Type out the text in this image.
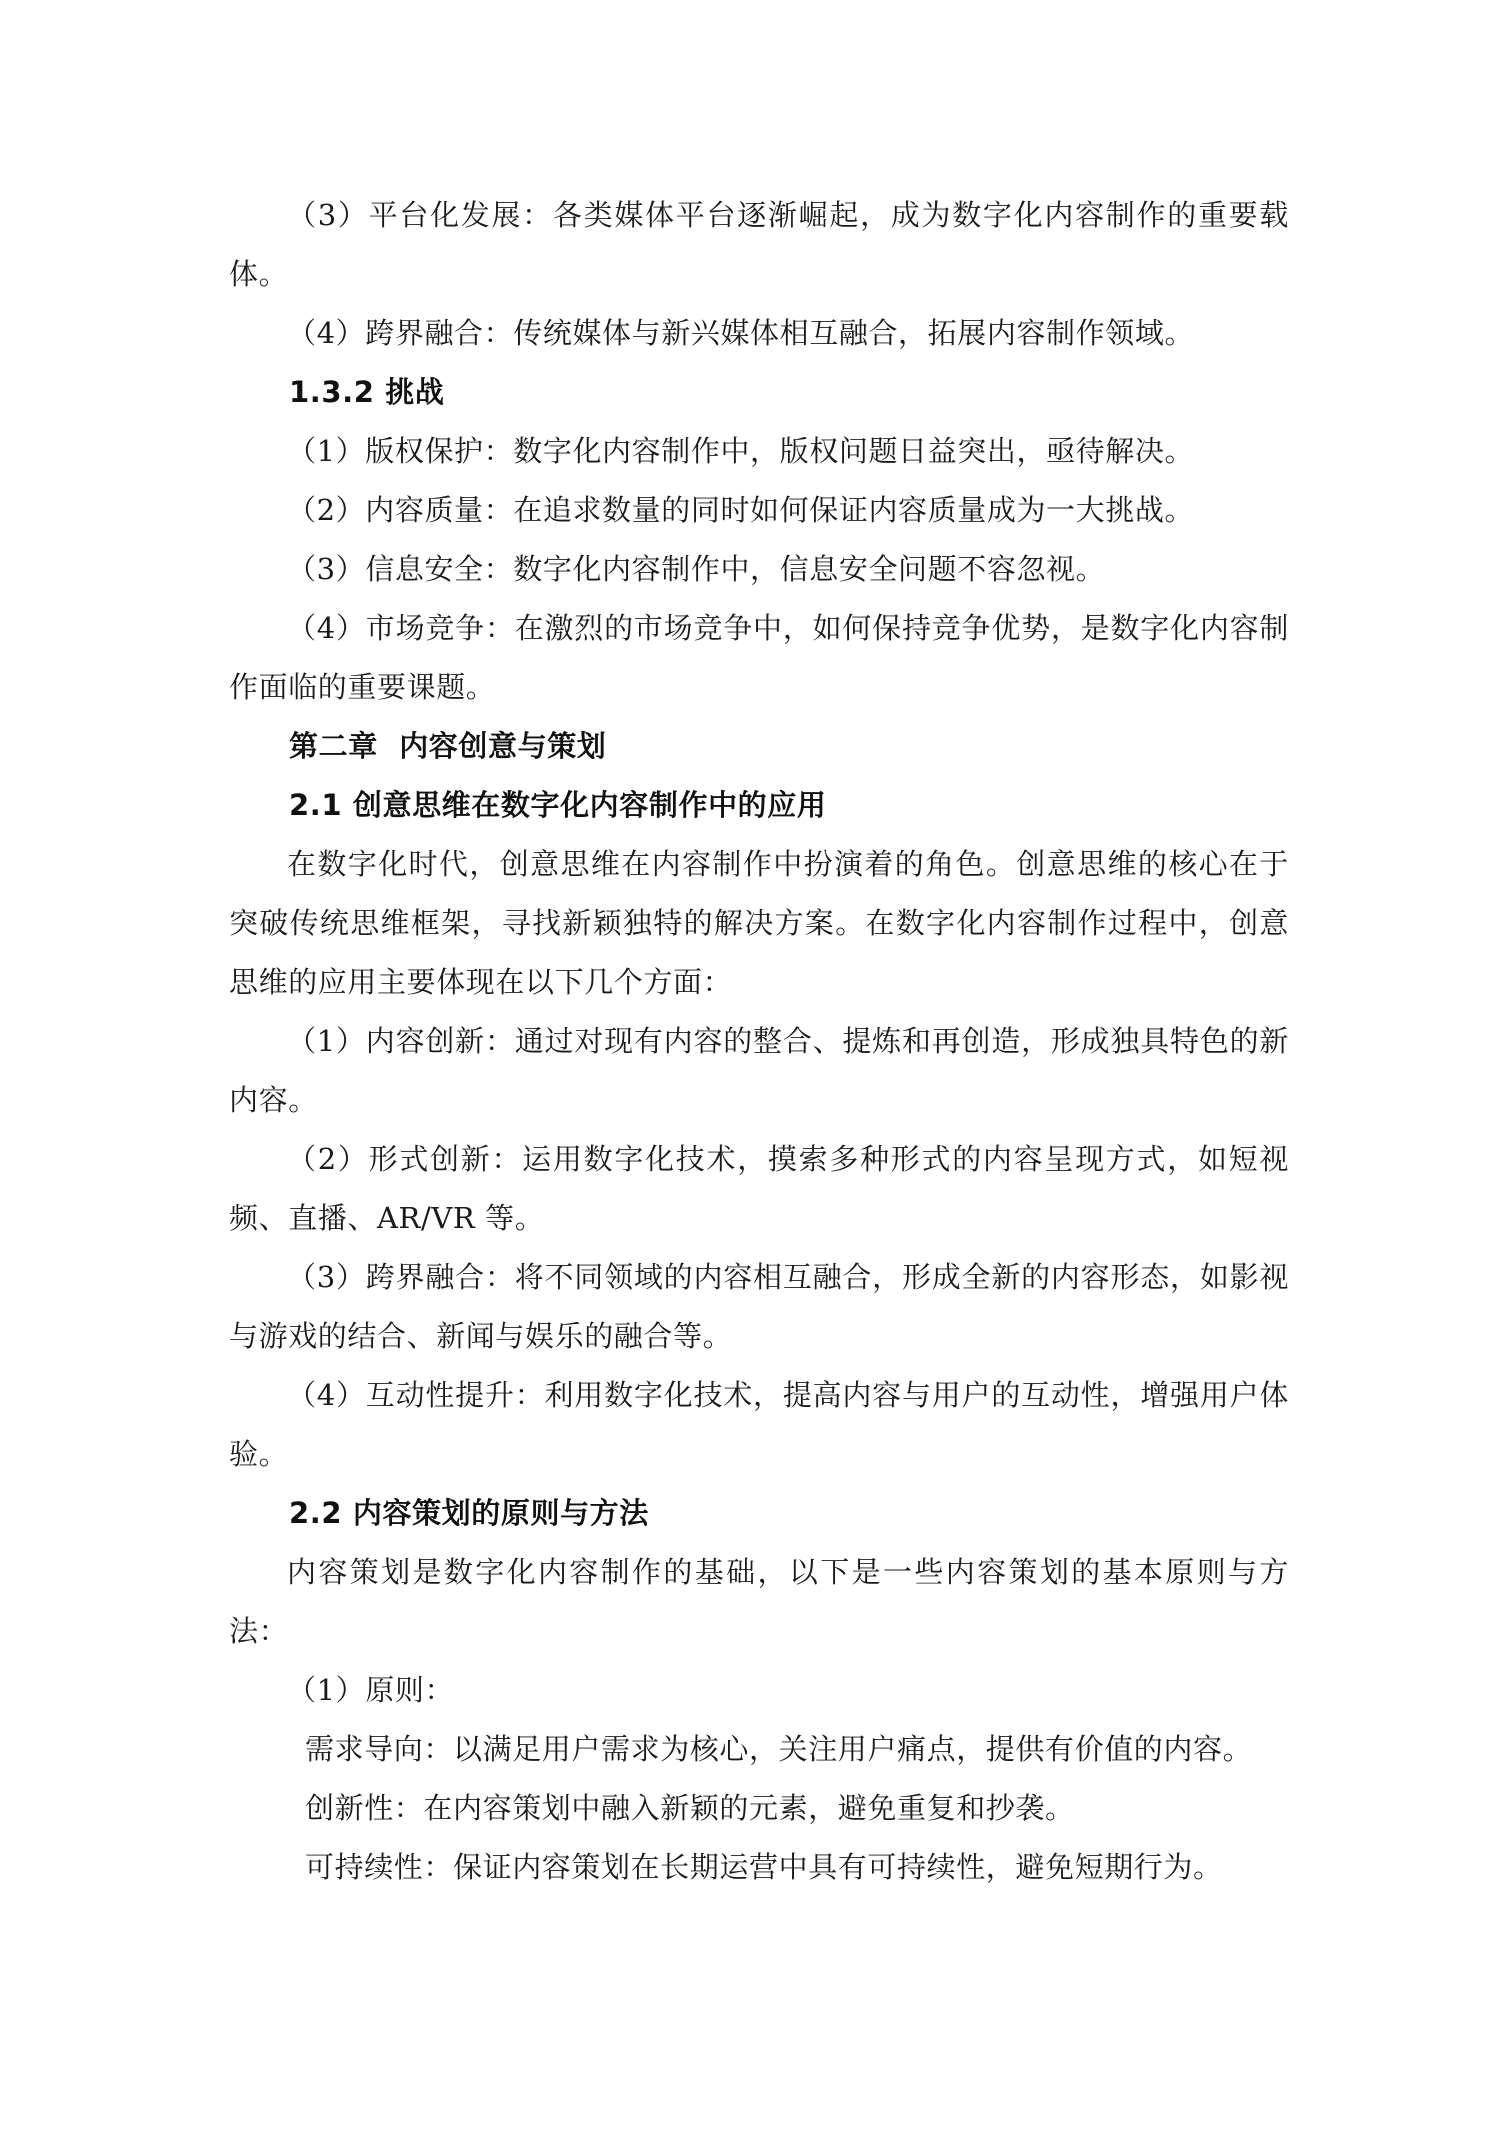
（3）平台化发展：各类媒体平台逐渐崛起，成为数字化内容制作的重要载体。

（4）跨界融合：传统媒体与新兴媒体相互融合，拓展内容制作领域。

1.3.2 挑战

（1）版权保护：数字化内容制作中，版权问题日益突出，亟待解决。

（2）内容质量：在追求数量的同时如何保证内容质量成为一大挑战。

（3）信息安全：数字化内容制作中，信息安全问题不容忽视。

（4）市场竞争：在激烈的市场竞争中，如何保持竞争优势，是数字化内容制作面临的重要课题。

第二章  内容创意与策划
2.1 创意思维在数字化内容制作中的应用

在数字化时代，创意思维在内容制作中扮演着的角色。创意思维的核心在于突破传统思维框架，寻找新颖独特的解决方案。在数字化内容制作过程中，创意思维的应用主要体现在以下几个方面：

（1）内容创新：通过对现有内容的整合、提炼和再创造，形成独具特色的新内容。

（2）形式创新：运用数字化技术，摸索多种形式的内容呈现方式，如短视频、直播、AR/VR 等。

（3）跨界融合：将不同领域的内容相互融合，形成全新的内容形态，如影视与游戏的结合、新闻与娱乐的融合等。

（4）互动性提升：利用数字化技术，提高内容与用户的互动性，增强用户体验。

2.2 内容策划的原则与方法

内容策划是数字化内容制作的基础，以下是一些内容策划的基本原则与方法：

（1）原则：

需求导向：以满足用户需求为核心，关注用户痛点，提供有价值的内容。

创新性：在内容策划中融入新颖的元素，避免重复和抄袭。

可持续性：保证内容策划在长期运营中具有可持续性，避免短期行为。
